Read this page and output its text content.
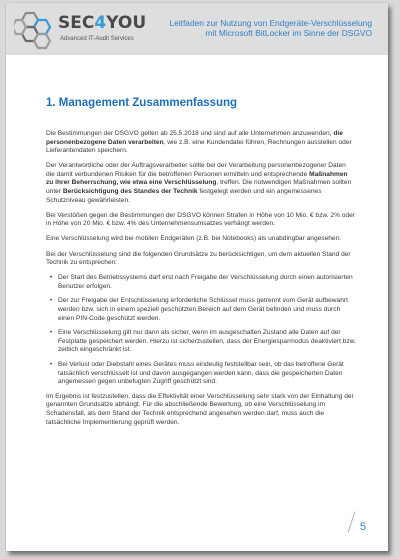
SEC4YOU
Advanced IT-Audit Services
Leitfaden zur Nutzung von Endgeräte-Verschlüsselung
mit Microsoft BitLocker im Sinne der DSGVO
1. Management Zusammenfassung

Die Bestimmungen der DSGVO gelten ab 25.5.2018 und sind auf alle Unternehmen anzuwenden, die personenbezogene Daten verarbeiten, wie z.B. eine Kundendatei führen, Rechnungen ausstellen oder Lieferantendaten speichern.

Der Verantwortliche oder der Auftragsverarbeiter sollte bei der Verarbeitung personenbezogener Daten die damit verbundenen Risiken für die betroffenen Personen ermitteln und entsprechende Maßnahmen zu ihrer Beherrschung, wie etwa eine Verschlüsselung, treffen. Die notwendigen Maßnahmen sollten unter Berücksichtigung des Standes der Technik festgelegt werden und ein angemessenes Schutzniveau gewährleisten.

Bei Verstößen gegen die Bestimmungen der DSGVO können Strafen in Höhe von 10 Mio. € bzw. 2% oder in Höhe von 20 Mio. € bzw. 4% des Unternehmensumsatzes verhängt werden.

Eine Verschlüsselung wird bei mobilen Endgeräten (z.B. bei Notebooks) als unabdingbar angesehen.

Bei der Verschlüsselung sind die folgenden Grundsätze zu berücksichtigen, um dem aktuellen Stand der Technik zu entsprechen:

• Der Start des Betriebssystems darf erst nach Freigabe der Verschlüsselung durch einen autorisierten Benutzer erfolgen.
• Der zur Freigabe der Entschlüsselung erforderliche Schlüssel muss getrennt vom Gerät aufbewahrt werden bzw. sich in einem speziell geschützten Bereich auf dem Gerät befinden und muss durch einen PIN-Code geschützt werden.
• Eine Verschlüsselung gilt nur dann als sicher, wenn im ausgeschalten Zustand alle Daten auf der Festplatte gespeichert werden. Hierzu ist sicherzustellen, dass der Energiesparmodus deaktiviert bzw. zeitlich eingeschränkt ist.
• Bei Verlust oder Diebstahl eines Gerätes muss eindeutig feststellbar sein, ob das betroffene Gerät tatsächlich verschlüsselt ist und davon ausgegangen werden kann, dass die gespeicherten Daten angemessen gegen unbefugten Zugriff geschützt sind.

Im Ergebnis ist festzustellen, dass die Effektivität einer Verschlüsselung sehr stark von der Einhaltung der genannten Grundsätze abhängt. Für die abschließende Bewertung, ob eine Verschlüsselung im Schadensfall, als dem Stand der Technik entsprechend angesehen werden darf, muss auch die tatsächliche Implementierung geprüft werden.

5
